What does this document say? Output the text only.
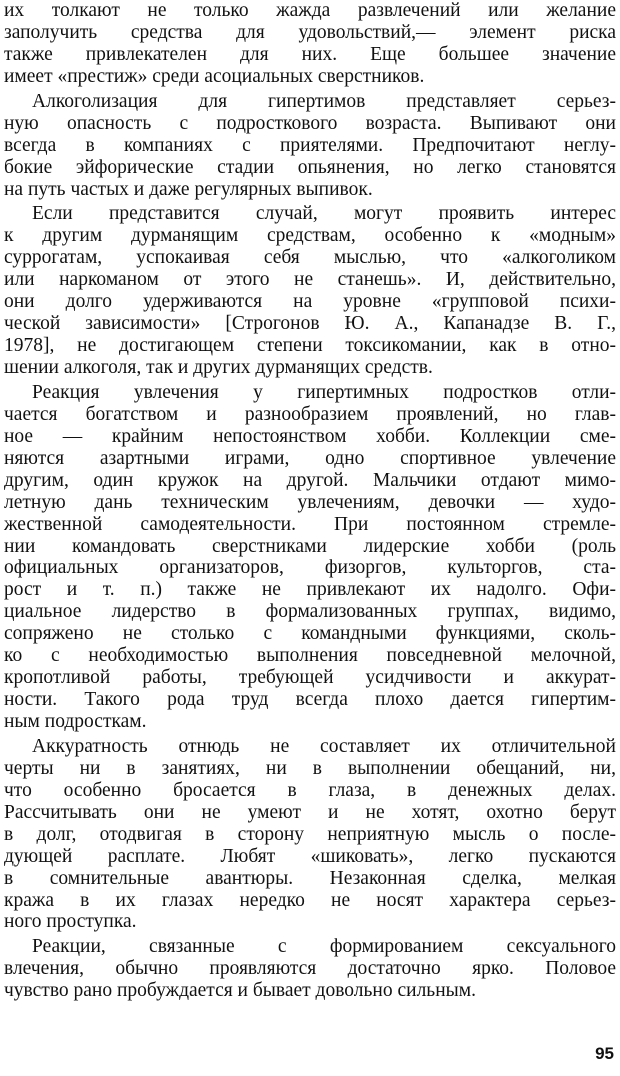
их толкают не только жажда развлечений или желание
заполучить средства для удовольствий,— элемент риска
также привлекателен для них. Еще большее значение
имеет «престиж» среди асоциальных сверстников.
Алкоголизация для гипертимов представляет серьез-
ную опасность с подросткового возраста. Выпивают они
всегда в компаниях с приятелями. Предпочитают неглу-
бокие эйфорические стадии опьянения, но легко становятся
на путь частых и даже регулярных выпивок.
Если представится случай, могут проявить интерес
к другим дурманящим средствам, особенно к «модным»
суррогатам, успокаивая себя мыслью, что «алкоголиком
или наркоманом от этого не станешь». И, действительно,
они долго удерживаются на уровне «групповой психи-
ческой зависимости» [Строгонов Ю. А., Капанадзе В. Г.,
1978], не достигающем степени токсикомании, как в отно-
шении алкоголя, так и других дурманящих средств.
Реакция увлечения у гипертимных подростков отли-
чается богатством и разнообразием проявлений, но глав-
ное — крайним непостоянством хобби. Коллекции сме-
няются азартными играми, одно спортивное увлечение
другим, один кружок на другой. Мальчики отдают мимо-
летную дань техническим увлечениям, девочки — худо-
жественной самодеятельности. При постоянном стремле-
нии командовать сверстниками лидерские хобби (роль
официальных организаторов, физоргов, культоргов, ста-
рост и т. п.) также не привлекают их надолго. Офи-
циальное лидерство в формализованных группах, видимо,
сопряжено не столько с командными функциями, сколь-
ко с необходимостью выполнения повседневной мелочной,
кропотливой работы, требующей усидчивости и аккурат-
ности. Такого рода труд всегда плохо дается гипертим-
ным подросткам.
Аккуратность отнюдь не составляет их отличительной
черты ни в занятиях, ни в выполнении обещаний, ни,
что особенно бросается в глаза, в денежных делах.
Рассчитывать они не умеют и не хотят, охотно берут
в долг, отодвигая в сторону неприятную мысль о после-
дующей расплате. Любят «шиковать», легко пускаются
в сомнительные авантюры. Незаконная сделка, мелкая
кража в их глазах нередко не носят характера серьез-
ного проступка.
Реакции, связанные с формированием сексуального
влечения, обычно проявляются достаточно ярко. Половое
чувство рано пробуждается и бывает довольно сильным.
95
